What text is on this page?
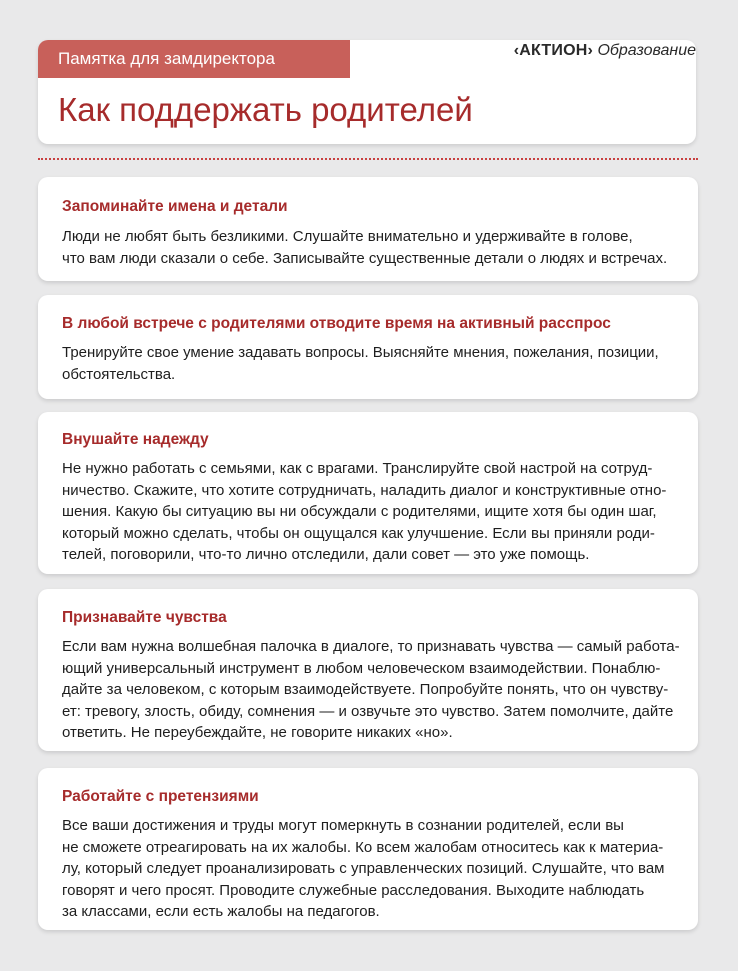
Памятка для замдиректора	‹АКТИОН› Образование
Как поддержать родителей
Запоминайте имена и детали

Люди не любят быть безликими. Слушайте внимательно и удерживайте в голове,
что вам люди сказали о себе. Записывайте существенные детали о людях и встречах.

В любой встрече с родителями отводите время на активный расспрос

Тренируйте свое умение задавать вопросы. Выясняйте мнения, пожелания, позиции,
обстоятельства.

Внушайте надежду

Не нужно работать с семьями, как с врагами. Транслируйте свой настрой на сотруд-
ничество. Скажите, что хотите сотрудничать, наладить диалог и конструктивные отно-
шения. Какую бы ситуацию вы ни обсуждали с родителями, ищите хотя бы один шаг,
который можно сделать, чтобы он ощущался как улучшение. Если вы приняли роди-
телей, поговорили, что-то лично отследили, дали совет — это уже помощь.

Признавайте чувства

Если вам нужна волшебная палочка в диалоге, то признавать чувства — самый работа-
ющий универсальный инструмент в любом человеческом взаимодействии. Понаблю-
дайте за человеком, с которым взаимодействуете. Попробуйте понять, что он чувству-
ет: тревогу, злость, обиду, сомнения — и озвучьте это чувство. Затем помолчите, дайте
ответить. Не переубеждайте, не говорите никаких «но».

Работайте с претензиями

Все ваши достижения и труды могут померкнуть в сознании родителей, если вы
не сможете отреагировать на их жалобы. Ко всем жалобам относитесь как к материа-
лу, который следует проанализировать с управленческих позиций. Слушайте, что вам
говорят и чего просят. Проводите служебные расследования. Выходите наблюдать
за классами, если есть жалобы на педагогов.
